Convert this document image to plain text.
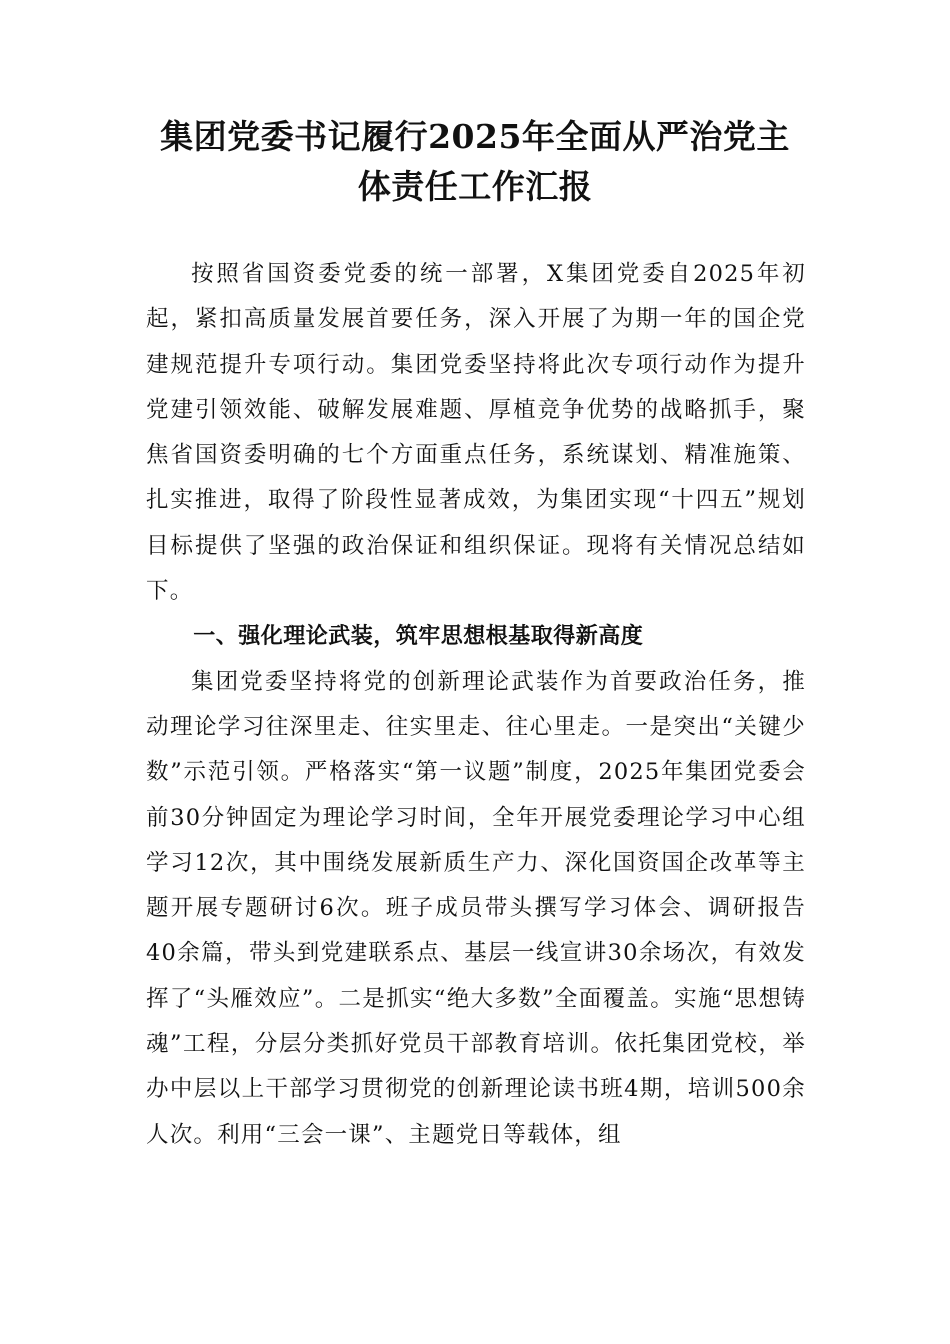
集团党委书记履行2025年全面从严治党主
体责任工作汇报

按照省国资委党委的统一部署，X集团党委自2025年初起，紧扣高质量发展首要任务，深入开展了为期一年的国企党建规范提升专项行动。集团党委坚持将此次专项行动作为提升党建引领效能、破解发展难题、厚植竞争优势的战略抓手，聚焦省国资委明确的七个方面重点任务，系统谋划、精准施策、扎实推进，取得了阶段性显著成效，为集团实现“十四五”规划目标提供了坚强的政治保证和组织保证。现将有关情况总结如下。

一、强化理论武装，筑牢思想根基取得新高度

集团党委坚持将党的创新理论武装作为首要政治任务，推动理论学习往深里走、往实里走、往心里走。一是突出“关键少数”示范引领。严格落实“第一议题”制度，2025年集团党委会前30分钟固定为理论学习时间，全年开展党委理论学习中心组学习12次，其中围绕发展新质生产力、深化国资国企改革等主题开展专题研讨6次。班子成员带头撰写学习体会、调研报告40余篇，带头到党建联系点、基层一线宣讲30余场次，有效发挥了“头雁效应”。二是抓实“绝大多数”全面覆盖。实施“思想铸魂”工程，分层分类抓好党员干部教育培训。依托集团党校，举办中层以上干部学习贯彻党的创新理论读书班4期，培训500余人次。利用“三会一课”、主题党日等载体，组
